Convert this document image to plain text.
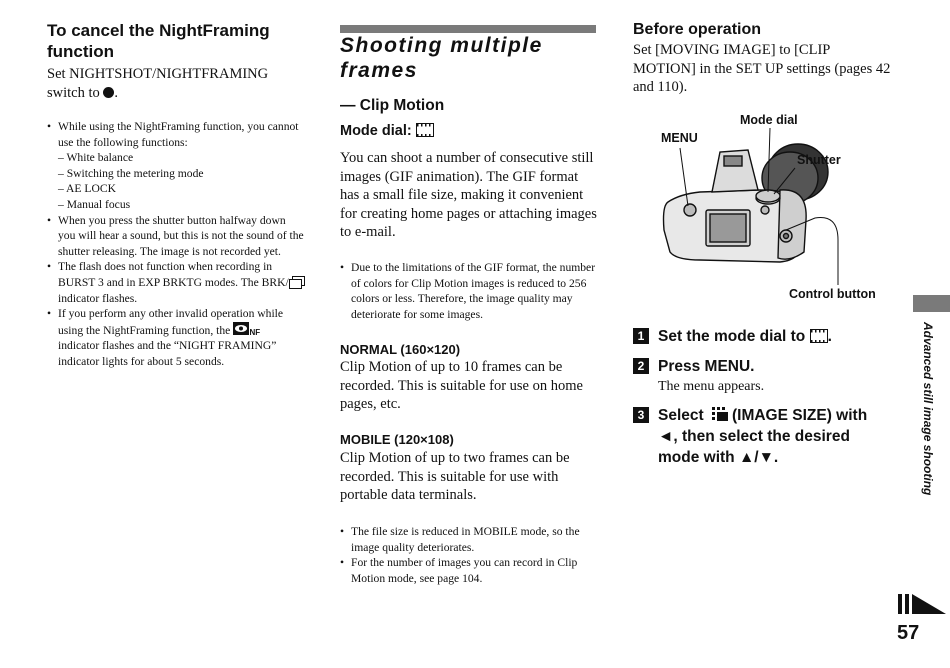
To cancel the NightFraming function
Set NIGHTSHOT/NIGHTFRAMING switch to .
• While using the NightFraming function, you cannot use the following functions:
– White balance
– Switching the metering mode
– AE LOCK
– Manual focus
• When you press the shutter button halfway down you will hear a sound, but this is not the sound of the shutter releasing. The image is not recorded yet.
• The flash does not function when recording in BURST 3 and in EXP BRKTG modes. The BRK/ indicator flashes.
• If you perform any other invalid operation while using the NightFraming function, the NF
indicator flashes and the “NIGHT FRAMING” indicator lights for about 5 seconds.
Shooting multiple frames
— Clip Motion
Mode dial:
You can shoot a number of consecutive still images (GIF animation). The GIF format has a small file size, making it convenient for creating home pages or attaching images to e-mail.
• Due to the limitations of the GIF format, the number of colors for Clip Motion images is reduced to 256 colors or less. Therefore, the image quality may deteriorate for some images.
NORMAL (160×120)
Clip Motion of up to 10 frames can be recorded. This is suitable for use on home pages, etc.
MOBILE (120×108)
Clip Motion of up to two frames can be recorded. This is suitable for use with portable data terminals.
• The file size is reduced in MOBILE mode, so the image quality deteriorates.
• For the number of images you can record in Clip Motion mode, see page 104.
Before operation
Set [MOVING IMAGE] to [CLIP MOTION] in the SET UP settings (pages 42 and 110).
MENU
Mode dial
Shutter
Control button
1 Set the mode dial to .
2 Press MENU.
The menu appears.
3 Select (IMAGE SIZE) with ◄, then select the desired mode with ▲/▼.	Advanced still image shooting
57
